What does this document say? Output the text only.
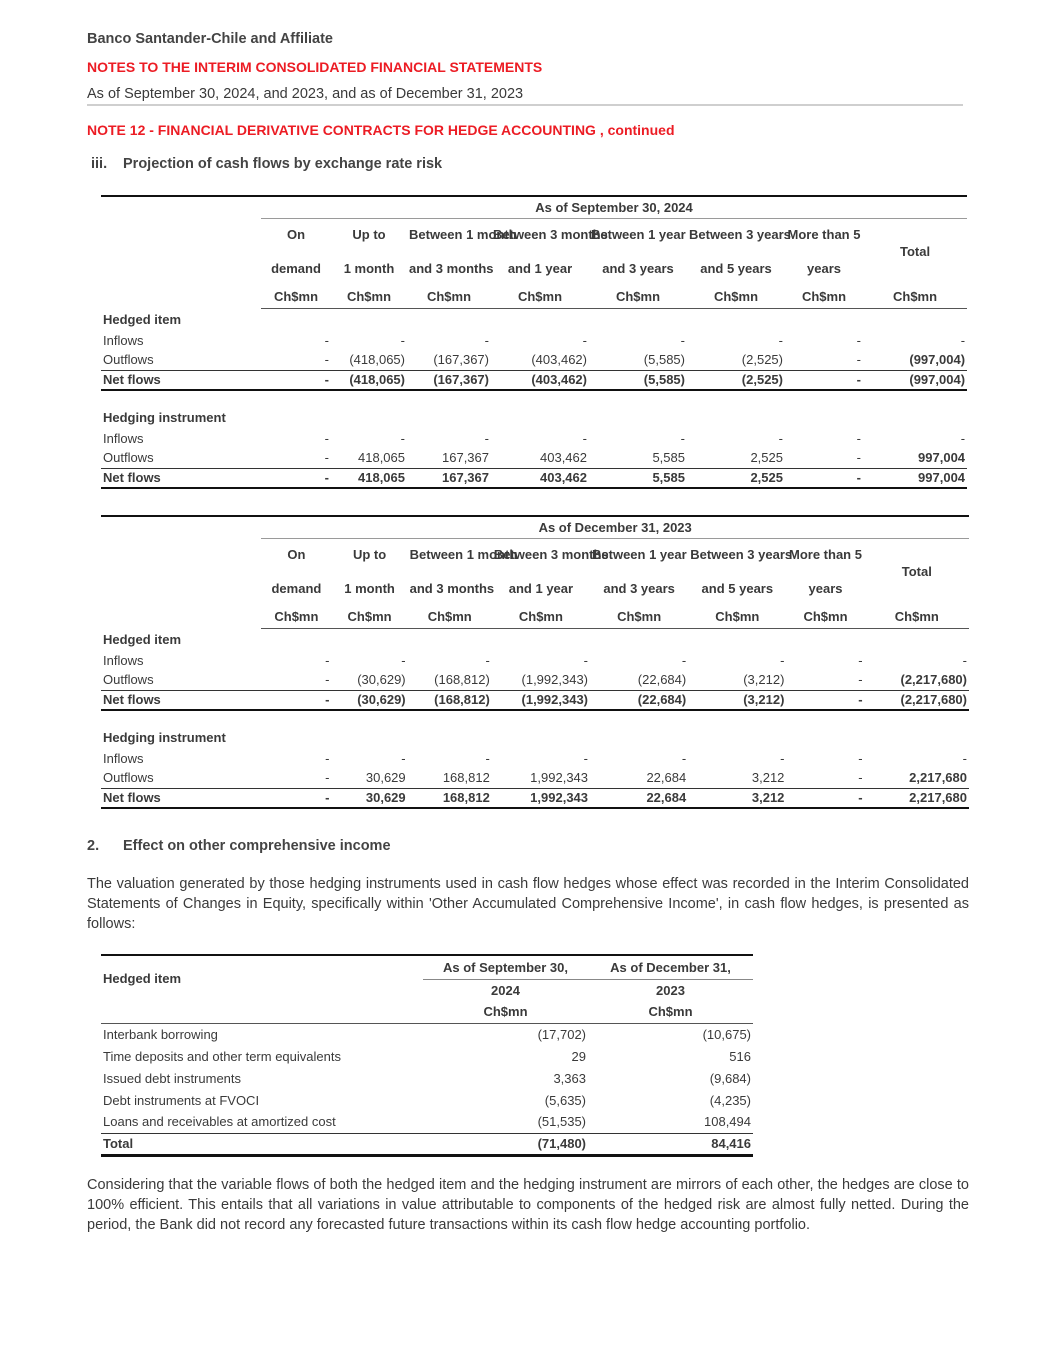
Banco Santander-Chile and Affiliate
NOTES TO THE INTERIM CONSOLIDATED FINANCIAL STATEMENTS
As of September 30, 2024, and 2023, and as of December 31, 2023
NOTE 12 - FINANCIAL DERIVATIVE CONTRACTS FOR HEDGE ACCOUNTING , continued
iii. Projection of cash flows by exchange rate risk
	As of September 30, 2024							
	On	Up to	Between 1 month	Between 3 months	Between 1 year	Between 3 years	More than 5	Total
	demand	1 month	and 3 months	and 1 year	and 3 years	and 5 years	years	
	Ch$mn	Ch$mn	Ch$mn	Ch$mn	Ch$mn	Ch$mn	Ch$mn	Ch$mn
Hedged item								
Inflows	-	-	-	-	-	-	-	-
Outflows	-	(418,065)	(167,367)	(403,462)	(5,585)	(2,525)	-	(997,004)
Net flows	-	(418,065)	(167,367)	(403,462)	(5,585)	(2,525)	-	(997,004)

Hedging instrument								
Inflows	-	-	-	-	-	-	-	-
Outflows	-	418,065	167,367	403,462	5,585	2,525	-	997,004
Net flows	-	418,065	167,367	403,462	5,585	2,525	-	997,004
	As of December 31, 2023							
	On	Up to	Between 1 month	Between 3 months	Between 1 year	Between 3 years	More than 5	Total
	demand	1 month	and 3 months	and 1 year	and 3 years	and 5 years	years	
	Ch$mn	Ch$mn	Ch$mn	Ch$mn	Ch$mn	Ch$mn	Ch$mn	Ch$mn
Hedged item								
Inflows	-	-	-	-	-	-	-	-
Outflows	-	(30,629)	(168,812)	(1,992,343)	(22,684)	(3,212)	-	(2,217,680)
Net flows	-	(30,629)	(168,812)	(1,992,343)	(22,684)	(3,212)	-	(2,217,680)

Hedging instrument								
Inflows	-	-	-	-	-	-	-	-
Outflows	-	30,629	168,812	1,992,343	22,684	3,212	-	2,217,680
Net flows	-	30,629	168,812	1,992,343	22,684	3,212	-	2,217,680
2. Effect on other comprehensive income
The valuation generated by those hedging instruments used in cash flow hedges whose effect was recorded in the Interim Consolidated Statements of Changes in Equity, specifically within 'Other Accumulated Comprehensive Income', in cash flow hedges, is presented as follows:
Hedged item	As of September 30,	As of December 31,
	2024	2023
	Ch$mn	Ch$mn
Interbank borrowing	(17,702)	(10,675)
Time deposits and other term equivalents	29	516
Issued debt instruments	3,363	(9,684)
Debt instruments at FVOCI	(5,635)	(4,235)
Loans and receivables at amortized cost	(51,535)	108,494
Total	(71,480)	84,416
Considering that the variable flows of both the hedged item and the hedging instrument are mirrors of each other, the hedges are close to 100% efficient. This entails that all variations in value attributable to components of the hedged risk are almost fully netted. During the period, the Bank did not record any forecasted future transactions within its cash flow hedge accounting portfolio.
